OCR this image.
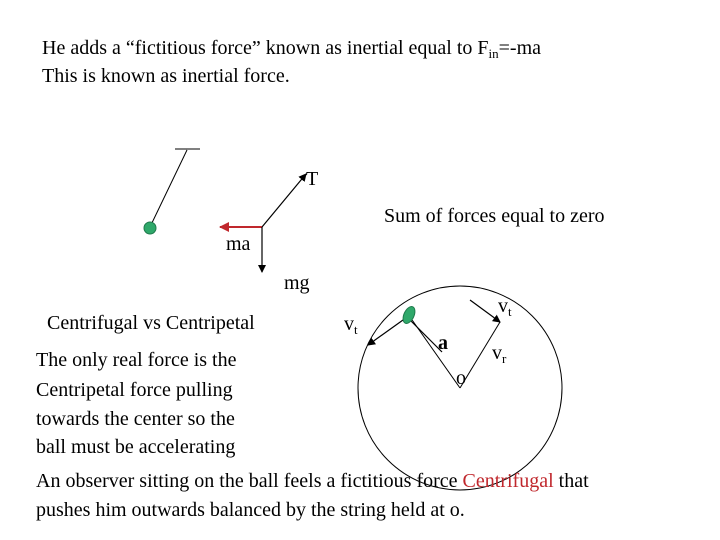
He adds a “fictitious force” known as inertial equal to $F_{in}=-ma$
This is known as inertial force.
T
Sum of forces equal to zero
ma
mg
Centrifugal vs Centripetal	$v_t$
$v_t$
$v_r$
a
o
The only real force is the
Centripetal force pulling
towards the center so the
ball must be accelerating
An observer sitting on the ball feels a fictitious force Centrifugal that
pushes him outwards balanced by the string held at o.
